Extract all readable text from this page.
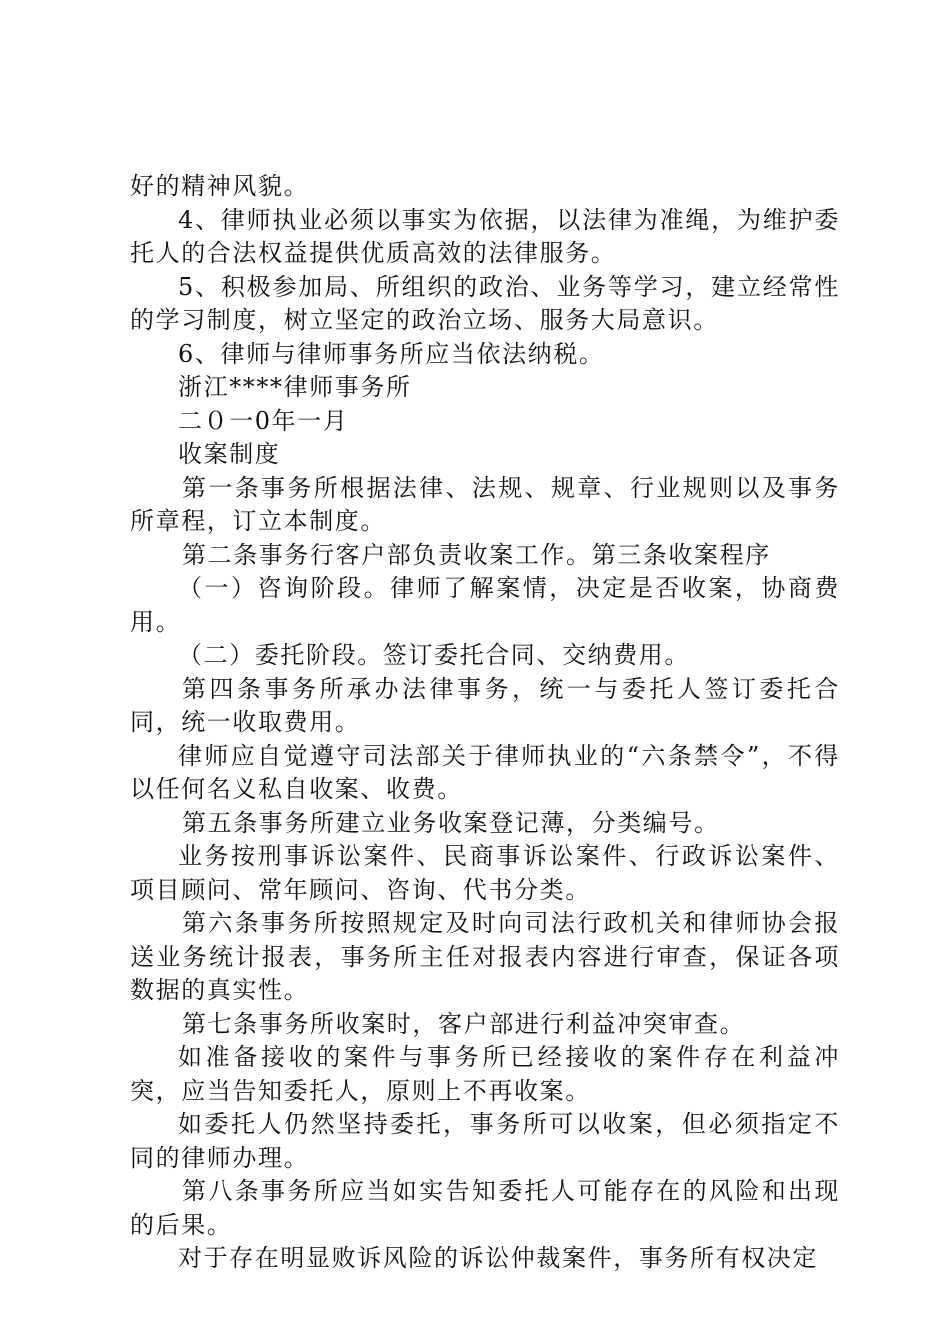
好的精神风貌。

4、律师执业必须以事实为依据，以法律为准绳，为维护委托人的合法权益提供优质高效的法律服务。

5、积极参加局、所组织的政治、业务等学习，建立经常性的学习制度，树立坚定的政治立场、服务大局意识。

6、律师与律师事务所应当依法纳税。

浙江****律师事务所

二０一0年一月

收案制度

第一条事务所根据法律、法规、规章、行业规则以及事务所章程，订立本制度。

第二条事务行客户部负责收案工作。第三条收案程序

（一）咨询阶段。律师了解案情，决定是否收案，协商费用。

（二）委托阶段。签订委托合同、交纳费用。

第四条事务所承办法律事务，统一与委托人签订委托合同，统一收取费用。

律师应自觉遵守司法部关于律师执业的“六条禁令”，不得以任何名义私自收案、收费。

第五条事务所建立业务收案登记薄，分类编号。

业务按刑事诉讼案件、民商事诉讼案件、行政诉讼案件、项目顾问、常年顾问、咨询、代书分类。

第六条事务所按照规定及时向司法行政机关和律师协会报送业务统计报表，事务所主任对报表内容进行审查，保证各项数据的真实性。

第七条事务所收案时，客户部进行利益冲突审查。

如准备接收的案件与事务所已经接收的案件存在利益冲突，应当告知委托人，原则上不再收案。

如委托人仍然坚持委托，事务所可以收案，但必须指定不同的律师办理。

第八条事务所应当如实告知委托人可能存在的风险和出现的后果。

对于存在明显败诉风险的诉讼仲裁案件，事务所有权决定
